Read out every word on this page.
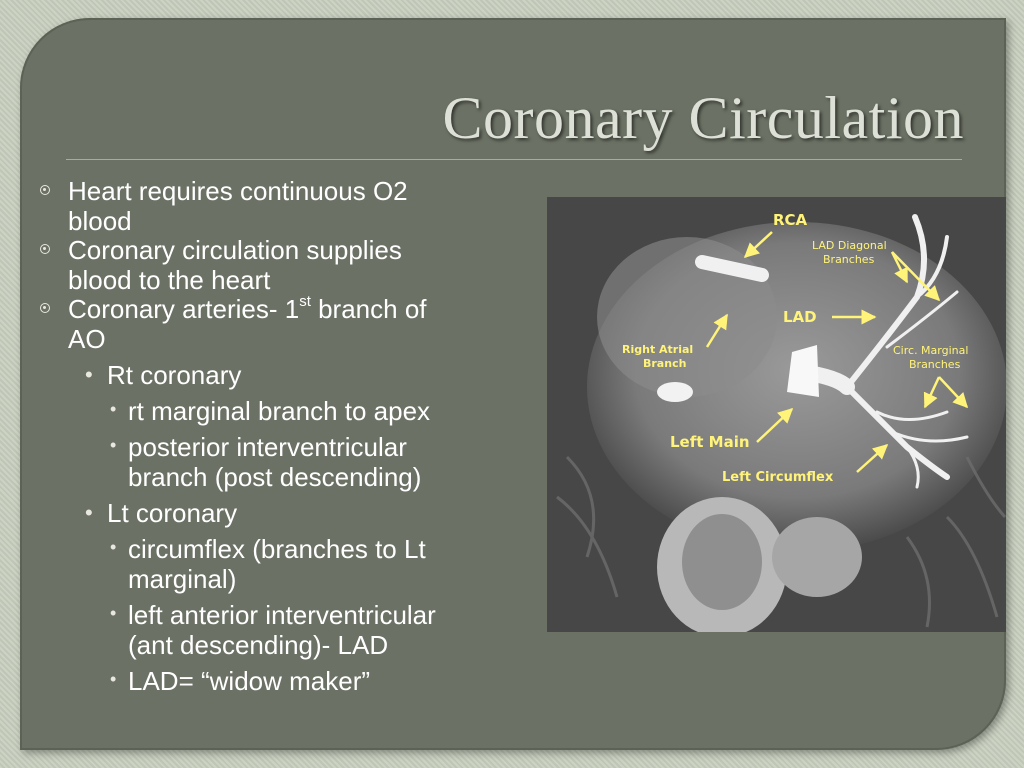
Coronary Circulation
Heart requires continuous O2
blood
Coronary circulation supplies
blood to the heart
Coronary arteries- 1st branch of
AO
• Rt coronary
• rt marginal branch to apex
• posterior interventricular
branch (post descending)
• Lt coronary
• circumflex (branches to Lt
marginal)
• left anterior interventricular
(ant descending)- LAD
• LAD= “widow maker”
RCA
LAD Diagonal
Branches
LAD
Right Atrial
Branch
Circ. Marginal
Branches
Left Main
Left Circumflex
